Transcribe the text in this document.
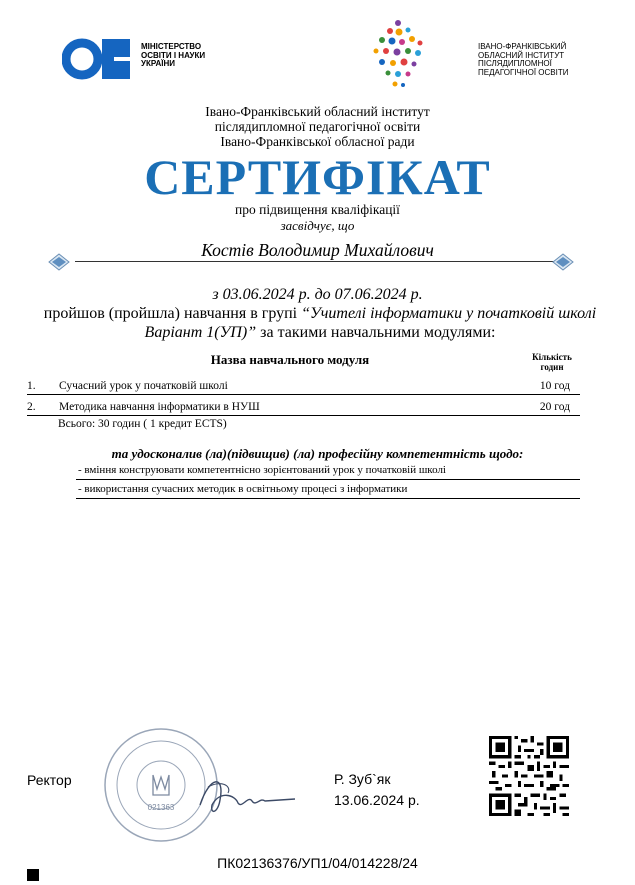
МІНІСТЕРСТВО
ОСВІТИ І НАУКИ
УКРАЇНИ
ІВАНО-ФРАНКІВСЬКИЙ
ОБЛАСНИЙ ІНСТИТУТ
ПІСЛЯДИПЛОМНОЇ
ПЕДАГОГІЧНОЇ ОСВІТИ
Івано-Франківський обласний інститут
післядипломної педагогічної освіти
Івано-Франківської обласної ради
СЕРТИФІКАТ
про підвищення кваліфікації
засвідчує, що
Костів Володимир Михайлович
з 03.06.2024 р. до 07.06.2024 р.
пройшов (пройшла) навчання в групі “Учителі інформатики у початковій школі Варіант 1(УП)” за такими навчальними модулями:
Назва навчального модуля	Кількість годин
1. Сучасний урок у початковій школі	10 год
2. Методика навчання інформатики в НУШ	20 год
Всього: 30 годин ( 1 кредит ECTS)
та удосконалив (ла)(підвищив) (ла) професійну компетентність щодо:
- вміння конструювати компетентнісно зорієнтований урок у початковій школі
- використання сучасних методик в освітньому процесі з інформатики
Ректор
021363
Р. Зуб`як
13.06.2024 р.
ПК02136376/УП1/04/014228/24
